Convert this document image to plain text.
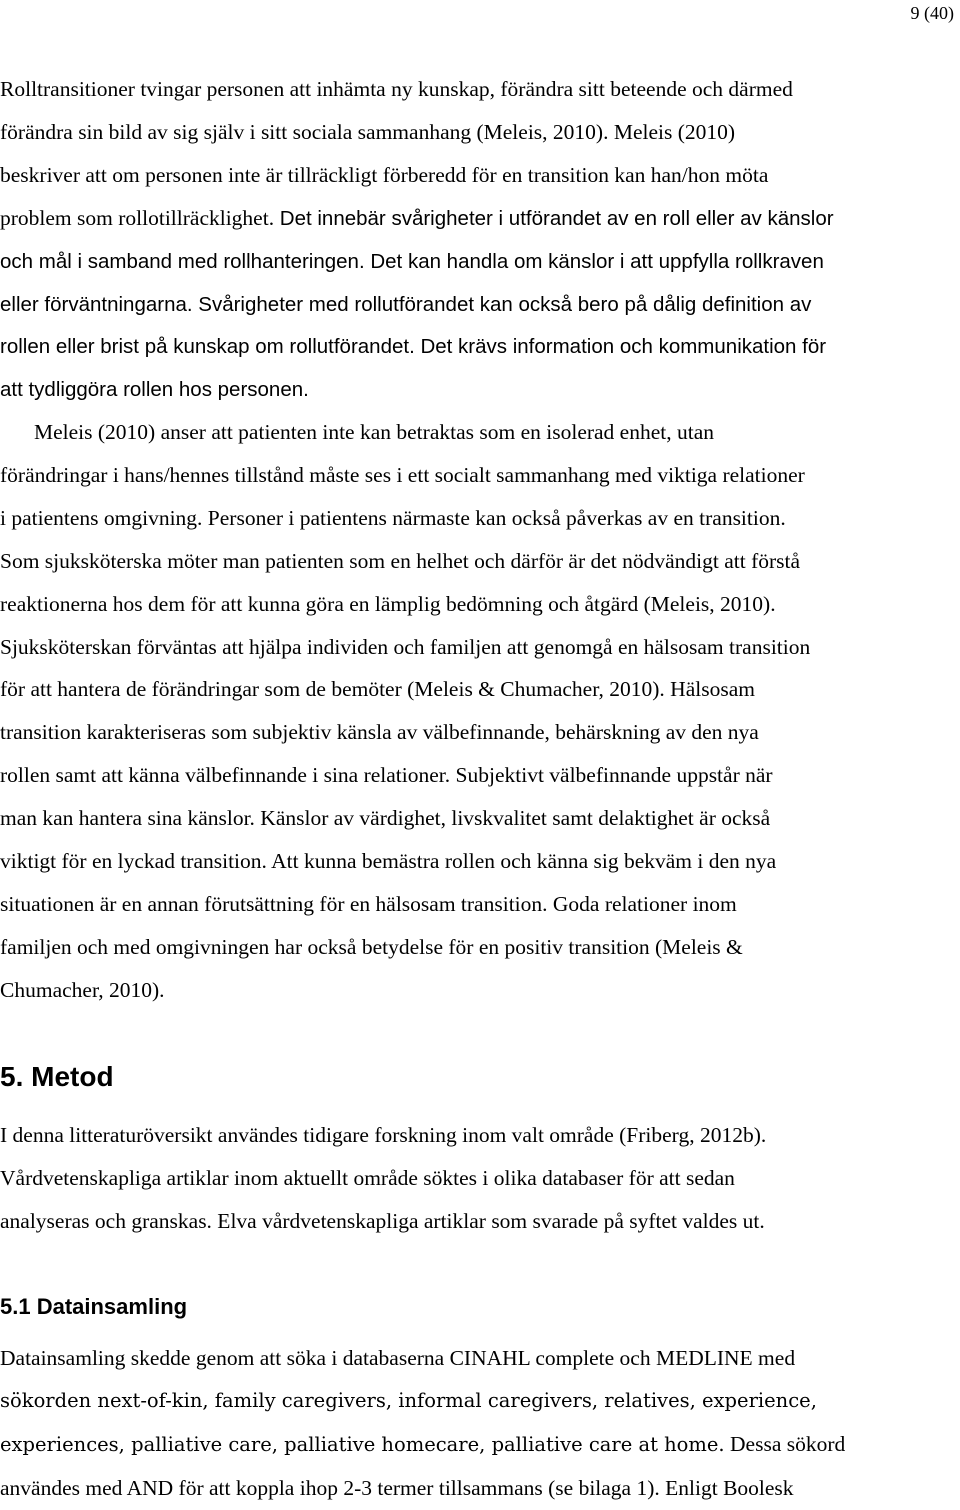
9 (40)
Rolltransitioner tvingar personen att inhämta ny kunskap, förändra sitt beteende och därmed
förändra sin bild av sig själv i sitt sociala sammanhang (Meleis, 2010). Meleis (2010)
beskriver att om personen inte är tillräckligt förberedd för en transition kan han/hon möta
problem som rollotillräcklighet. Det innebär svårigheter i utförandet av en roll eller av känslor
och mål i samband med rollhanteringen. Det kan handla om känslor i att uppfylla rollkraven
eller förväntningarna. Svårigheter med rollutförandet kan också bero på dålig definition av
rollen eller brist på kunskap om rollutförandet. Det krävs information och kommunikation för
att tydliggöra rollen hos personen.
Meleis (2010) anser att patienten inte kan betraktas som en isolerad enhet, utan
förändringar i hans/hennes tillstånd måste ses i ett socialt sammanhang med viktiga relationer
i patientens omgivning. Personer i patientens närmaste kan också påverkas av en transition.
Som sjuksköterska möter man patienten som en helhet och därför är det nödvändigt att förstå
reaktionerna hos dem för att kunna göra en lämplig bedömning och åtgärd (Meleis, 2010).
Sjuksköterskan förväntas att hjälpa individen och familjen att genomgå en hälsosam transition
för att hantera de förändringar som de bemöter (Meleis & Chumacher, 2010). Hälsosam
transition karakteriseras som subjektiv känsla av välbefinnande, behärskning av den nya
rollen samt att känna välbefinnande i sina relationer. Subjektivt välbefinnande uppstår när
man kan hantera sina känslor. Känslor av värdighet, livskvalitet samt delaktighet är också
viktigt för en lyckad transition. Att kunna bemästra rollen och känna sig bekväm i den nya
situationen är en annan förutsättning för en hälsosam transition. Goda relationer inom
familjen och med omgivningen har också betydelse för en positiv transition (Meleis &
Chumacher, 2010).
5. Metod
I denna litteraturöversikt användes tidigare forskning inom valt område (Friberg, 2012b).
Vårdvetenskapliga artiklar inom aktuellt område söktes i olika databaser för att sedan
analyseras och granskas. Elva vårdvetenskapliga artiklar som svarade på syftet valdes ut.
5.1 Datainsamling
Datainsamling skedde genom att söka i databaserna CINAHL complete och MEDLINE med
sökorden next-of-kin, family caregivers, informal caregivers, relatives, experience,
experiences, palliative care, palliative homecare, palliative care at home. Dessa sökord
användes med AND för att koppla ihop 2-3 termer tillsammans (se bilaga 1). Enligt Boolesk
